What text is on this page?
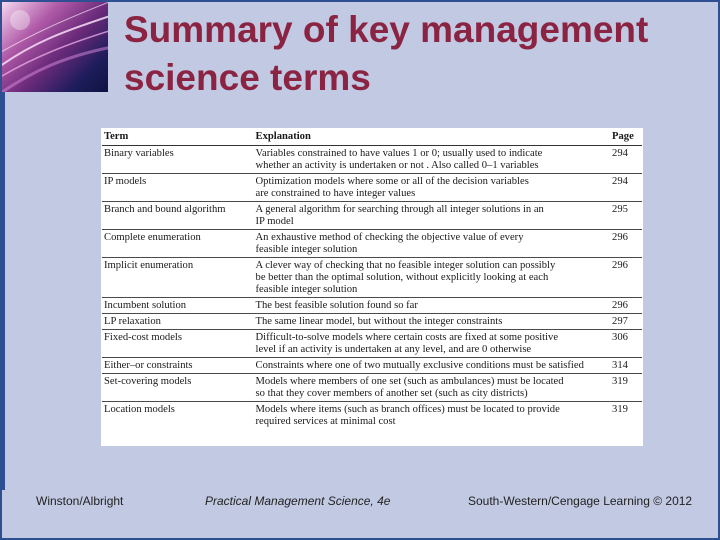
Summary of key management
science terms
Term	Explanation	Page
Binary variables	Variables constrained to have values 1 or 0; usually used to indicate
whether an activity is undertaken or not . Also called 0–1 variables	294
IP models	Optimization models where some or all of the decision variables
are constrained to have integer values	294
Branch and bound algorithm	A general algorithm for searching through all integer solutions in an
IP model	295
Complete enumeration	An exhaustive method of checking the objective value of every
feasible integer solution	296
Implicit enumeration	A clever way of checking that no feasible integer solution can possibly
be better than the optimal solution, without explicitly looking at each
feasible integer solution	296
Incumbent solution	The best feasible solution found so far	296
LP relaxation	The same linear model, but without the integer constraints	297
Fixed-cost models	Difficult-to-solve models where certain costs are fixed at some positive
level if an activity is undertaken at any level, and are 0 otherwise	306
Either–or constraints	Constraints where one of two mutually exclusive conditions must be satisfied	314
Set-covering models	Models where members of one set (such as ambulances) must be located
so that they cover members of another set (such as city districts)	319
Location models	Models where items (such as branch offices) must be located to provide
required services at minimal cost	319
Winston/Albright	Practical Management Science, 4e	South-Western/Cengage Learning © 2012
